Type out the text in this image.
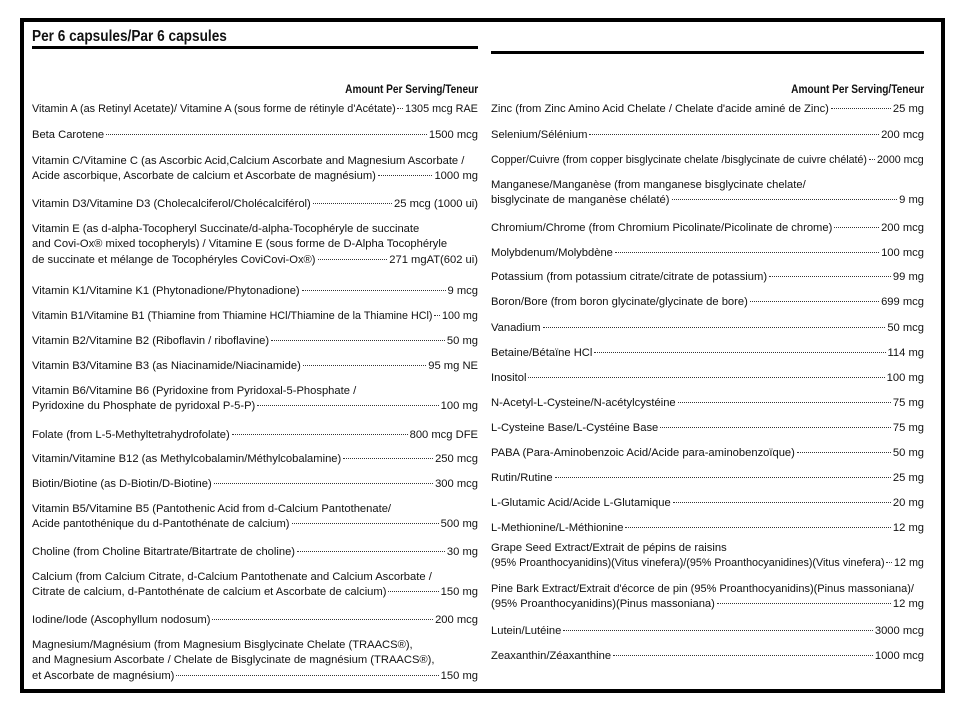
Per 6 capsules/Par 6 capsules
Amount Per Serving/Teneur
Vitamin A (as Retinyl Acetate)/ Vitamine A (sous forme de rétinyle d'Acétate) 1305 mcg RAE
Beta Carotene	1500 mcg
Vitamin C/Vitamine C (as Ascorbic Acid,Calcium Ascorbate and Magnesium Ascorbate /
Acide ascorbique, Ascorbate de calcium et Ascorbate de magnésium)	1000 mg
Vitamin D3/Vitamine D3 (Cholecalciferol/Cholécalciférol)	25 mcg (1000 ui)
Vitamin E (as d-alpha-Tocopheryl Succinate/d-alpha-Tocophéryle de succinate
and Covi-Ox® mixed tocopheryls) / Vitamine E (sous forme de D-Alpha Tocophéryle
de succinate et mélange de Tocophéryles CoviCovi-Ox®)	271 mgAT(602 ui)
Vitamin K1/Vitamine K1 (Phytonadione/Phytonadione)	9 mcg
Vitamin B1/Vitamine B1 (Thiamine from Thiamine HCl/Thiamine de la Thiamine HCl) 100 mg
Vitamin B2/Vitamine B2 (Riboflavin / riboflavine)	50 mg
Vitamin B3/Vitamine B3 (as Niacinamide/Niacinamide)	95 mg NE
Vitamin B6/Vitamine B6 (Pyridoxine from Pyridoxal-5-Phosphate /
Pyridoxine du Phosphate de pyridoxal P-5-P)	100 mg
Folate (from L-5-Methyltetrahydrofolate)	800 mcg DFE
Vitamin/Vitamine B12 (as Methylcobalamin/Méthylcobalamine)	250 mcg
Biotin/Biotine (as D-Biotin/D-Biotine)	300 mcg
Vitamin B5/Vitamine B5 (Pantothenic Acid from d-Calcium Pantothenate/
Acide pantothénique du d-Pantothénate de calcium)	500 mg
Choline (from Choline Bitartrate/Bitartrate de choline)	30 mg
Calcium (from Calcium Citrate, d-Calcium Pantothenate and Calcium Ascorbate /
Citrate de calcium, d-Pantothénate de calcium et Ascorbate de calcium)	150 mg
Iodine/Iode (Ascophyllum nodosum)	200 mcg
Magnesium/Magnésium (from Magnesium Bisglycinate Chelate (TRAACS®),
and Magnesium Ascorbate / Chelate de Bisglycinate de magnésium (TRAACS®),
et Ascorbate de magnésium)	150 mg
Amount Per Serving/Teneur
Zinc (from Zinc Amino Acid Chelate / Chelate d'acide aminé de Zinc)	25 mg
Selenium/Sélénium	200 mcg
Copper/Cuivre (from copper bisglycinate chelate /bisglycinate de cuivre chélaté) 2000 mcg
Manganese/Manganèse (from manganese bisglycinate chelate/
bisglycinate de manganèse chélaté)	9 mg
Chromium/Chrome (from Chromium Picolinate/Picolinate de chrome)	200 mcg
Molybdenum/Molybdène	100 mcg
Potassium (from potassium citrate/citrate de potassium)	99 mg
Boron/Bore (from boron glycinate/glycinate de bore)	699 mcg
Vanadium	50 mcg
Betaine/Bétaïne HCl	114 mg
Inositol	100 mg
N-Acetyl-L-Cysteine/N-acétylcystéine	75 mg
L-Cysteine Base/L-Cystéine Base	75 mg
PABA (Para-Aminobenzoic Acid/Acide para-aminobenzoïque)	50 mg
Rutin/Rutine	25 mg
L-Glutamic Acid/Acide L-Glutamique	20 mg
L-Methionine/L-Méthionine	12 mg
Grape Seed Extract/Extrait de pépins de raisins
(95% Proanthocyanidins)(Vitus vinefera)/(95% Proanthocyanidines)(Vitus vinefera) 12 mg
Pine Bark Extract/Extrait d'écorce de pin (95% Proanthocyanidins)(Pinus massoniana)/
(95% Proanthocyanidins)(Pinus massoniana)	12 mg
Lutein/Lutéine	3000 mcg
Zeaxanthin/Zéaxanthine	1000 mcg
